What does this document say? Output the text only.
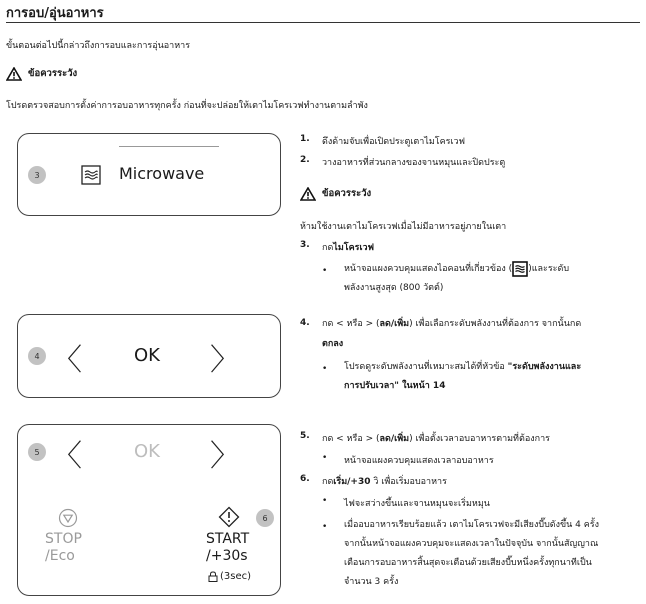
การอบ/อุ่นอาหาร
ขั้นตอนต่อไปนี้กล่าวถึงการอบและการอุ่นอาหาร
ข้อควรระวัง
โปรดตรวจสอบการตั้งค่าการอบอาหารทุกครั้ง ก่อนที่จะปล่อยให้เตาไมโครเวฟทำงานตามลำพัง
3	Microwave
4 〈	OK 〉
5 〈	OK 〉
STOP
/Eco
6
START
/+30s
(3sec)
1. ดึงด้ามจับเพื่อเปิดประตูเตาไมโครเวฟ
2. วางอาหารที่ส่วนกลางของจานหมุนและปิดประตู
ข้อควรระวัง
ห้ามใช้งานเตาไมโครเวฟเมื่อไม่มีอาหารอยู่ภายในเตา
3. กดไมโครเวฟ
• หน้าจอแผงควบคุมแสดงไอคอนที่เกี่ยวข้อง ( )และระดับ
พลังงานสูงสุด (800 วัตต์)
4. กด < หรือ > (ลด/เพิ่ม) เพื่อเลือกระดับพลังงานที่ต้องการ จากนั้นกด
ตกลง
• โปรดดูระดับพลังงานที่เหมาะสมได้ที่หัวข้อ "ระดับพลังงานและ
การปรับเวลา" ในหน้า 14
5. กด < หรือ > (ลด/เพิ่ม) เพื่อตั้งเวลาอบอาหารตามที่ต้องการ
• หน้าจอแผงควบคุมแสดงเวลาอบอาหาร
6. กดเริ่ม/+30 วิ เพื่อเริ่มอบอาหาร
• ไฟจะสว่างขึ้นและจานหมุนจะเริ่มหมุน
• เมื่ออบอาหารเรียบร้อยแล้ว เตาไมโครเวฟจะมีเสียงบี๊บดังขึ้น 4 ครั้ง
จากนั้นหน้าจอแผงควบคุมจะแสดงเวลาในปัจจุบัน จากนั้นสัญญาณ
เตือนการอบอาหารสิ้นสุดจะเตือนด้วยเสียงบี๊บหนึ่งครั้งทุกนาทีเป็น
จำนวน 3 ครั้ง
